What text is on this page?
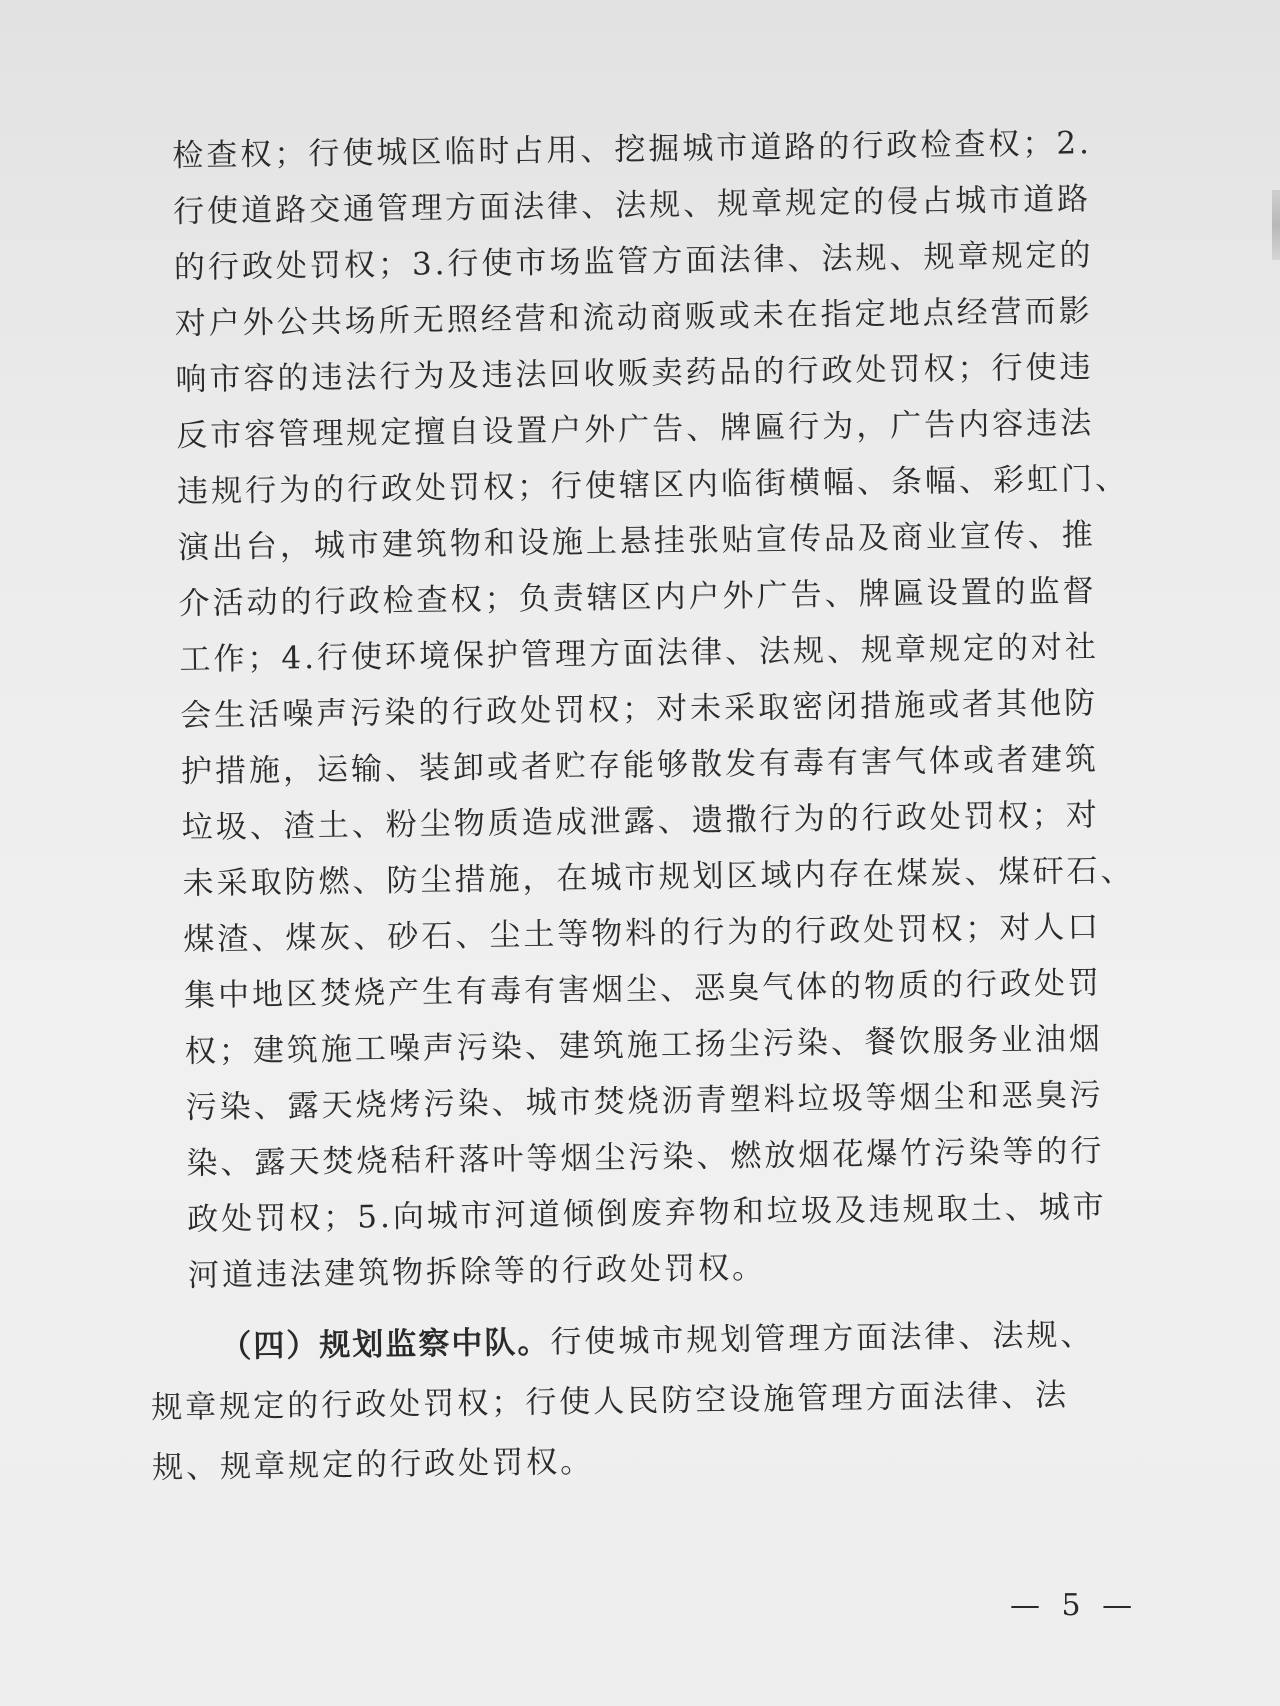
检查权；行使城区临时占用、挖掘城市道路的行政检查权；2.
行使道路交通管理方面法律、法规、规章规定的侵占城市道路
的行政处罚权；3.行使市场监管方面法律、法规、规章规定的
对户外公共场所无照经营和流动商贩或未在指定地点经营而影
响市容的违法行为及违法回收贩卖药品的行政处罚权；行使违
反市容管理规定擅自设置户外广告、牌匾行为，广告内容违法
违规行为的行政处罚权；行使辖区内临街横幅、条幅、彩虹门、
演出台，城市建筑物和设施上悬挂张贴宣传品及商业宣传、推
介活动的行政检查权；负责辖区内户外广告、牌匾设置的监督
工作；4.行使环境保护管理方面法律、法规、规章规定的对社
会生活噪声污染的行政处罚权；对未采取密闭措施或者其他防
护措施，运输、装卸或者贮存能够散发有毒有害气体或者建筑
垃圾、渣土、粉尘物质造成泄露、遗撒行为的行政处罚权；对
未采取防燃、防尘措施，在城市规划区域内存在煤炭、煤矸石、
煤渣、煤灰、砂石、尘土等物料的行为的行政处罚权；对人口
集中地区焚烧产生有毒有害烟尘、恶臭气体的物质的行政处罚
权；建筑施工噪声污染、建筑施工扬尘污染、餐饮服务业油烟
污染、露天烧烤污染、城市焚烧沥青塑料垃圾等烟尘和恶臭污
染、露天焚烧秸秆落叶等烟尘污染、燃放烟花爆竹污染等的行
政处罚权；5.向城市河道倾倒废弃物和垃圾及违规取土、城市
河道违法建筑物拆除等的行政处罚权。
（四）规划监察中队。行使城市规划管理方面法律、法规、
规章规定的行政处罚权；行使人民防空设施管理方面法律、法
规、规章规定的行政处罚权。
— 5 —
